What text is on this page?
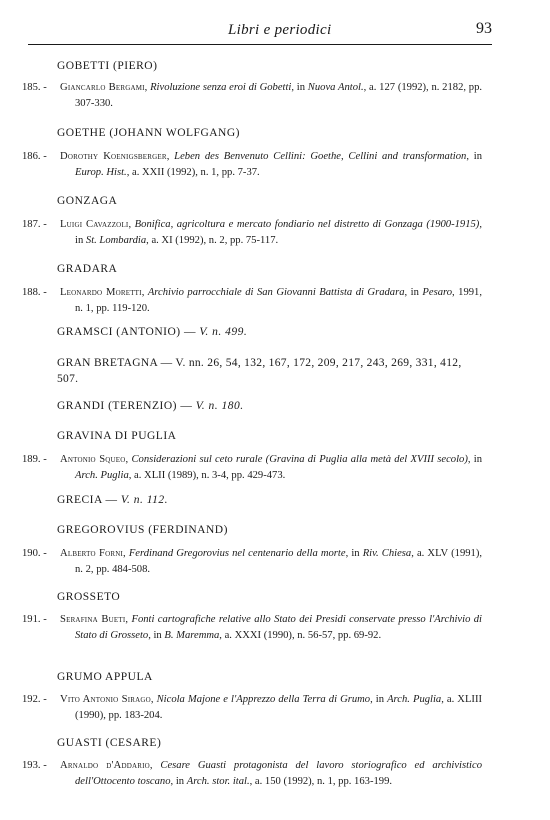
Libri e periodici	93
GOBETTI (PIERO)
185. - Giancarlo Bergami, Rivoluzione senza eroi di Gobetti, in Nuova Antol., a. 127 (1992), n. 2182, pp. 307-330.
GOETHE (JOHANN WOLFGANG)
186. - Dorothy Koenigsberger, Leben des Benvenuto Cellini: Goethe, Cellini and transformation, in Europ. Hist., a. XXII (1992), n. 1, pp. 7-37.
GONZAGA
187. - Luigi Cavazzoli, Bonifica, agricoltura e mercato fondiario nel distretto di Gonzaga (1900-1915), in St. Lombardia, a. XI (1992), n. 2, pp. 75-117.
GRADARA
188. - Leonardo Moretti, Archivio parrocchiale di San Giovanni Battista di Gradara, in Pesaro, 1991, n. 1, pp. 119-120.
GRAMSCI (ANTONIO) — V. n. 499.
GRAN BRETAGNA — V. nn. 26, 54, 132, 167, 172, 209, 217, 243, 269, 331, 412, 507.
GRANDI (TERENZIO) — V. n. 180.
GRAVINA DI PUGLIA
189. - Antonio Squeo, Considerazioni sul ceto rurale (Gravina di Puglia alla metà del XVIII secolo), in Arch. Puglia, a. XLII (1989), n. 3-4, pp. 429-473.
GRECIA — V. n. 112.
GREGOROVIUS (FERDINAND)
190. - Alberto Forni, Ferdinand Gregorovius nel centenario della morte, in Riv. Chiesa, a. XLV (1991), n. 2, pp. 484-508.
GROSSETO
191. - Serafina Bueti, Fonti cartografiche relative allo Stato dei Presidi conservate presso l'Archivio di Stato di Grosseto, in B. Maremma, a. XXXI (1990), n. 56-57, pp. 69-92.
GRUMO APPULA
192. - Vito Antonio Sirago, Nicola Majone e l'Apprezzo della Terra di Grumo, in Arch. Puglia, a. XLIII (1990), pp. 183-204.
GUASTI (CESARE)
193. - Arnaldo d'Addario, Cesare Guasti protagonista del lavoro storiografico ed archivistico dell'Ottocento toscano, in Arch. stor. ital., a. 150 (1992), n. 1, pp. 163-199.
